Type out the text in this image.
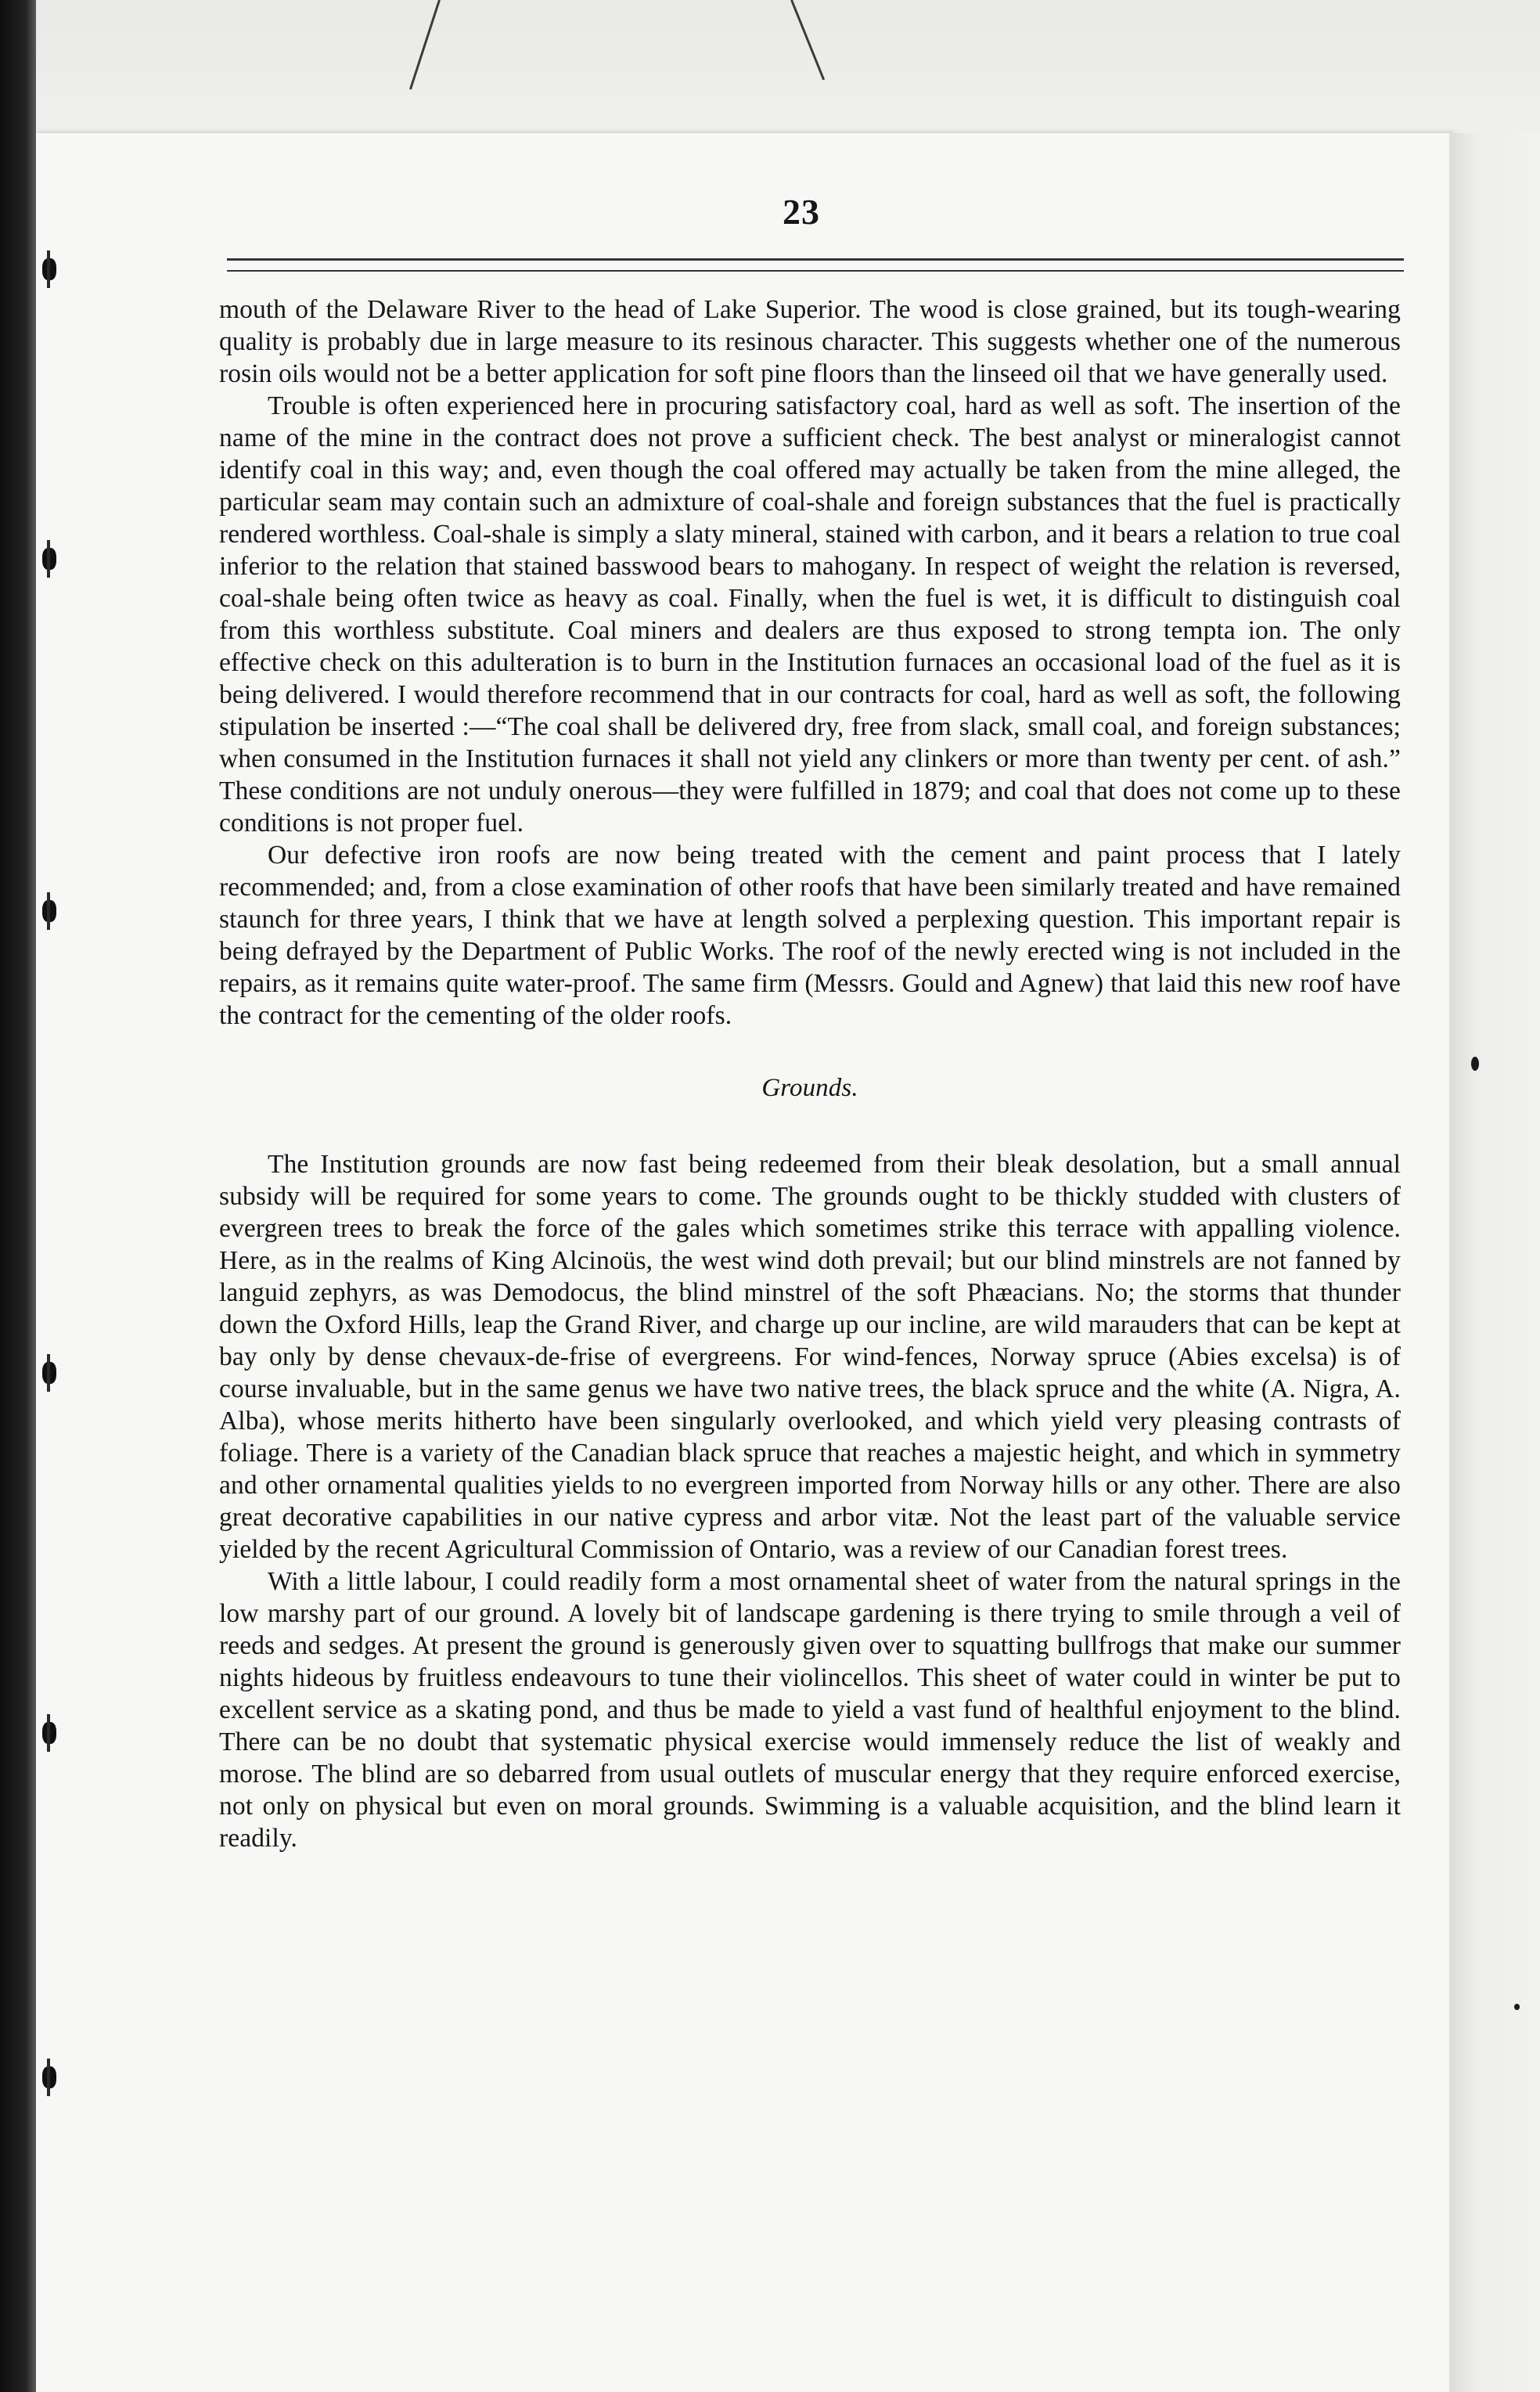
23

mouth of the Delaware River to the head of Lake Superior. The wood is close grained, but its tough-wearing quality is probably due in large measure to its resinous character. This suggests whether one of the numerous rosin oils would not be a better application for soft pine floors than the linseed oil that we have generally used.

Trouble is often experienced here in procuring satisfactory coal, hard as well as soft. The insertion of the name of the mine in the contract does not prove a sufficient check. The best analyst or mineralogist cannot identify coal in this way; and, even though the coal offered may actually be taken from the mine alleged, the particular seam may contain such an admixture of coal-shale and foreign substances that the fuel is practically rendered worthless. Coal-shale is simply a slaty mineral, stained with carbon, and it bears a relation to true coal inferior to the relation that stained basswood bears to mahogany. In respect of weight the relation is reversed, coal-shale being often twice as heavy as coal. Finally, when the fuel is wet, it is difficult to distinguish coal from this worthless substitute. Coal miners and dealers are thus exposed to strong tempta ion. The only effective check on this adulteration is to burn in the Institution furnaces an occasional load of the fuel as it is being delivered. I would therefore recommend that in our contracts for coal, hard as well as soft, the following stipulation be inserted :—“The coal shall be delivered dry, free from slack, small coal, and foreign substances; when consumed in the Institution furnaces it shall not yield any clinkers or more than twenty per cent. of ash.” These conditions are not unduly onerous—they were fulfilled in 1879; and coal that does not come up to these conditions is not proper fuel.

Our defective iron roofs are now being treated with the cement and paint process that I lately recommended; and, from a close examination of other roofs that have been similarly treated and have remained staunch for three years, I think that we have at length solved a perplexing question. This important repair is being defrayed by the Department of Public Works. The roof of the newly erected wing is not included in the repairs, as it remains quite water-proof. The same firm (Messrs. Gould and Agnew) that laid this new roof have the contract for the cementing of the older roofs.

Grounds.

The Institution grounds are now fast being redeemed from their bleak desolation, but a small annual subsidy will be required for some years to come. The grounds ought to be thickly studded with clusters of evergreen trees to break the force of the gales which sometimes strike this terrace with appalling violence. Here, as in the realms of King Alcinoüs, the west wind doth prevail; but our blind minstrels are not fanned by languid zephyrs, as was Demodocus, the blind minstrel of the soft Phæacians. No; the storms that thunder down the Oxford Hills, leap the Grand River, and charge up our incline, are wild marauders that can be kept at bay only by dense chevaux-de-frise of evergreens. For wind-fences, Norway spruce (Abies excelsa) is of course invaluable, but in the same genus we have two native trees, the black spruce and the white (A. Nigra, A. Alba), whose merits hitherto have been singularly overlooked, and which yield very pleasing contrasts of foliage. There is a variety of the Canadian black spruce that reaches a majestic height, and which in symmetry and other ornamental qualities yields to no evergreen imported from Norway hills or any other. There are also great decorative capabilities in our native cypress and arbor vitæ. Not the least part of the valuable service yielded by the recent Agricultural Commission of Ontario, was a review of our Canadian forest trees.

With a little labour, I could readily form a most ornamental sheet of water from the natural springs in the low marshy part of our ground. A lovely bit of landscape gardening is there trying to smile through a veil of reeds and sedges. At present the ground is generously given over to squatting bullfrogs that make our summer nights hideous by fruitless endeavours to tune their violincellos. This sheet of water could in winter be put to excellent service as a skating pond, and thus be made to yield a vast fund of healthful enjoyment to the blind. There can be no doubt that systematic physical exercise would immensely reduce the list of weakly and morose. The blind are so debarred from usual outlets of muscular energy that they require enforced exercise, not only on physical but even on moral grounds. Swimming is a valuable acquisition, and the blind learn it readily.
